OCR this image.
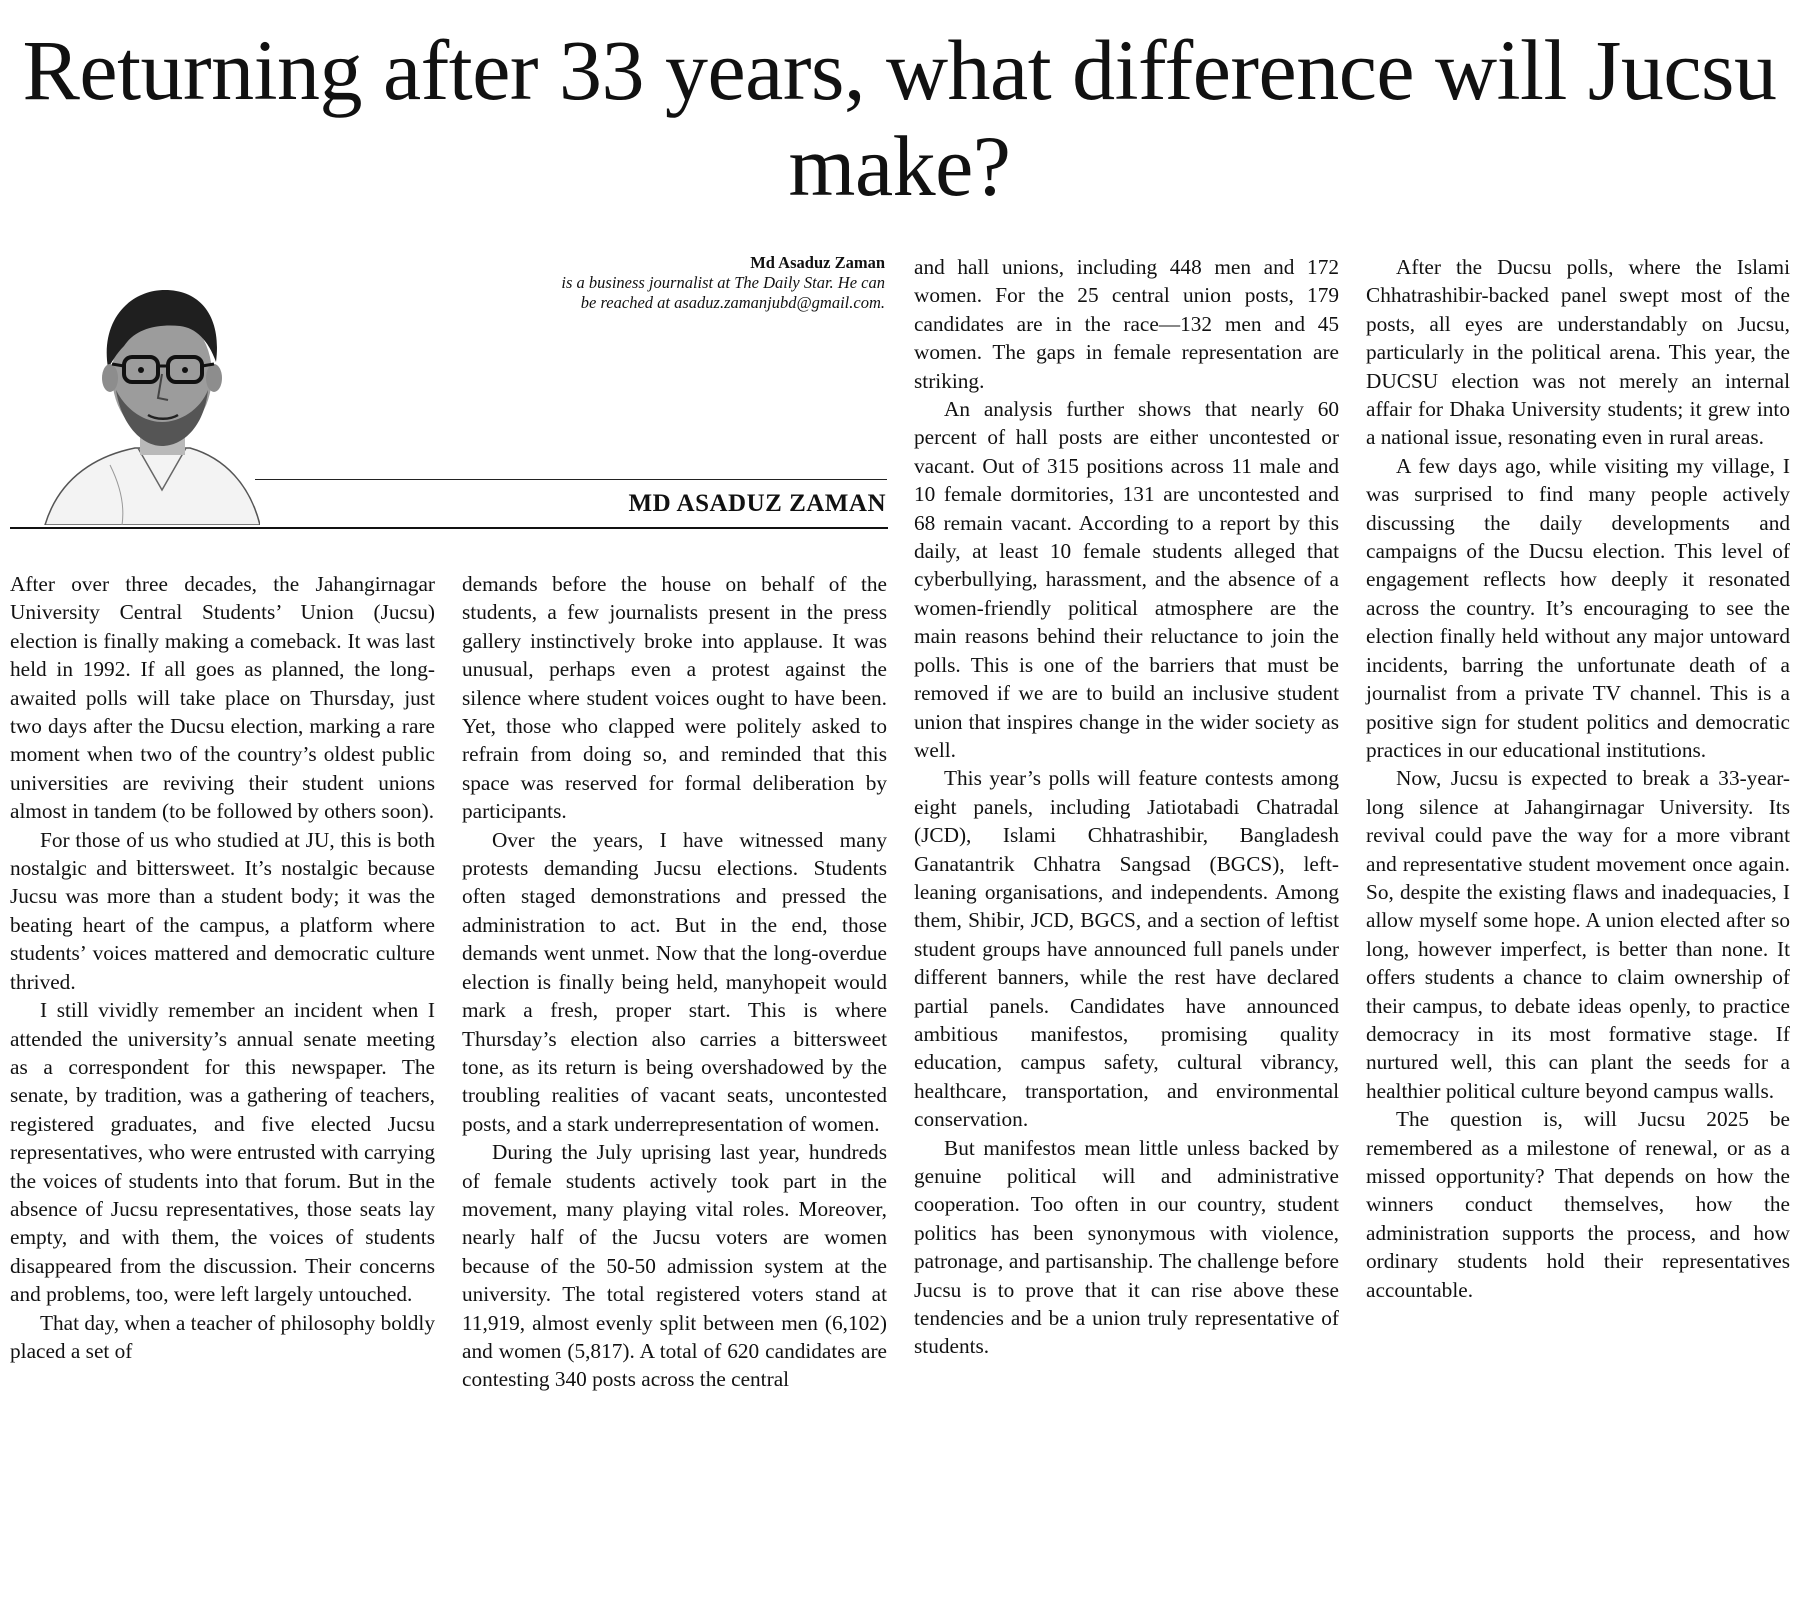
Returning after 33 years, what difference will Jucsu make?
Md Asaduz Zaman
is a business journalist at The Daily Star. He can be reached at asaduz.zamanjubd@gmail.com.
MD ASADUZ ZAMAN

After over three decades, the Jahangirnagar University Central Students’ Union (Jucsu) election is finally making a comeback. It was last held in 1992. If all goes as planned, the long-awaited polls will take place on Thursday, just two days after the Ducsu election, marking a rare moment when two of the country’s oldest public universities are reviving their student unions almost in tandem (to be followed by others soon).

For those of us who studied at JU, this is both nostalgic and bittersweet. It’s nostalgic because Jucsu was more than a student body; it was the beating heart of the campus, a platform where students’ voices mattered and democratic culture thrived.

I still vividly remember an incident when I attended the university’s annual senate meeting as a correspondent for this newspaper. The senate, by tradition, was a gathering of teachers, registered graduates, and five elected Jucsu representatives, who were entrusted with carrying the voices of students into that forum. But in the absence of Jucsu representatives, those seats lay empty, and with them, the voices of students disappeared from the discussion. Their concerns and problems, too, were left largely untouched.

That day, when a teacher of philosophy boldly placed a set of

demands before the house on behalf of the students, a few journalists present in the press gallery instinctively broke into applause. It was unusual, perhaps even a protest against the silence where student voices ought to have been. Yet, those who clapped were politely asked to refrain from doing so, and reminded that this space was reserved for formal deliberation by participants.

Over the years, I have witnessed many protests demanding Jucsu elections. Students often staged demonstrations and pressed the administration to act. But in the end, those demands went unmet. Now that the long-overdue election is finally being held, manyhopeit would mark a fresh, proper start. This is where Thursday’s election also carries a bittersweet tone, as its return is being overshadowed by the troubling realities of vacant seats, uncontested posts, and a stark underrepresentation of women.

During the July uprising last year, hundreds of female students actively took part in the movement, many playing vital roles. Moreover, nearly half of the Jucsu voters are women because of the 50-50 admission system at the university. The total registered voters stand at 11,919, almost evenly split between men (6,102) and women (5,817). A total of 620 candidates are contesting 340 posts across the central

and hall unions, including 448 men and 172 women. For the 25 central union posts, 179 candidates are in the race—132 men and 45 women. The gaps in female representation are striking.

An analysis further shows that nearly 60 percent of hall posts are either uncontested or vacant. Out of 315 positions across 11 male and 10 female dormitories, 131 are uncontested and 68 remain vacant. According to a report by this daily, at least 10 female students alleged that cyberbullying, harassment, and the absence of a women-friendly political atmosphere are the main reasons behind their reluctance to join the polls. This is one of the barriers that must be removed if we are to build an inclusive student union that inspires change in the wider society as well.

This year’s polls will feature contests among eight panels, including Jatiotabadi Chatradal (JCD), Islami Chhatrashibir, Bangladesh Ganatantrik Chhatra Sangsad (BGCS), left-leaning organisations, and independents. Among them, Shibir, JCD, BGCS, and a section of leftist student groups have announced full panels under different banners, while the rest have declared partial panels. Candidates have announced ambitious manifestos, promising quality education, campus safety, cultural vibrancy, healthcare, transportation, and environmental conservation.

But manifestos mean little unless backed by genuine political will and administrative cooperation. Too often in our country, student politics has been synonymous with violence, patronage, and partisanship. The challenge before Jucsu is to prove that it can rise above these tendencies and be a union truly representative of students.

After the Ducsu polls, where the Islami Chhatrashibir-backed panel swept most of the posts, all eyes are understandably on Jucsu, particularly in the political arena. This year, the DUCSU election was not merely an internal affair for Dhaka University students; it grew into a national issue, resonating even in rural areas.

A few days ago, while visiting my village, I was surprised to find many people actively discussing the daily developments and campaigns of the Ducsu election. This level of engagement reflects how deeply it resonated across the country. It’s encouraging to see the election finally held without any major untoward incidents, barring the unfortunate death of a journalist from a private TV channel. This is a positive sign for student politics and democratic practices in our educational institutions.

Now, Jucsu is expected to break a 33-year-long silence at Jahangirnagar University. Its revival could pave the way for a more vibrant and representative student movement once again. So, despite the existing flaws and inadequacies, I allow myself some hope. A union elected after so long, however imperfect, is better than none. It offers students a chance to claim ownership of their campus, to debate ideas openly, to practice democracy in its most formative stage. If nurtured well, this can plant the seeds for a healthier political culture beyond campus walls.

The question is, will Jucsu 2025 be remembered as a milestone of renewal, or as a missed opportunity? That depends on how the winners conduct themselves, how the administration supports the process, and how ordinary students hold their representatives accountable.
